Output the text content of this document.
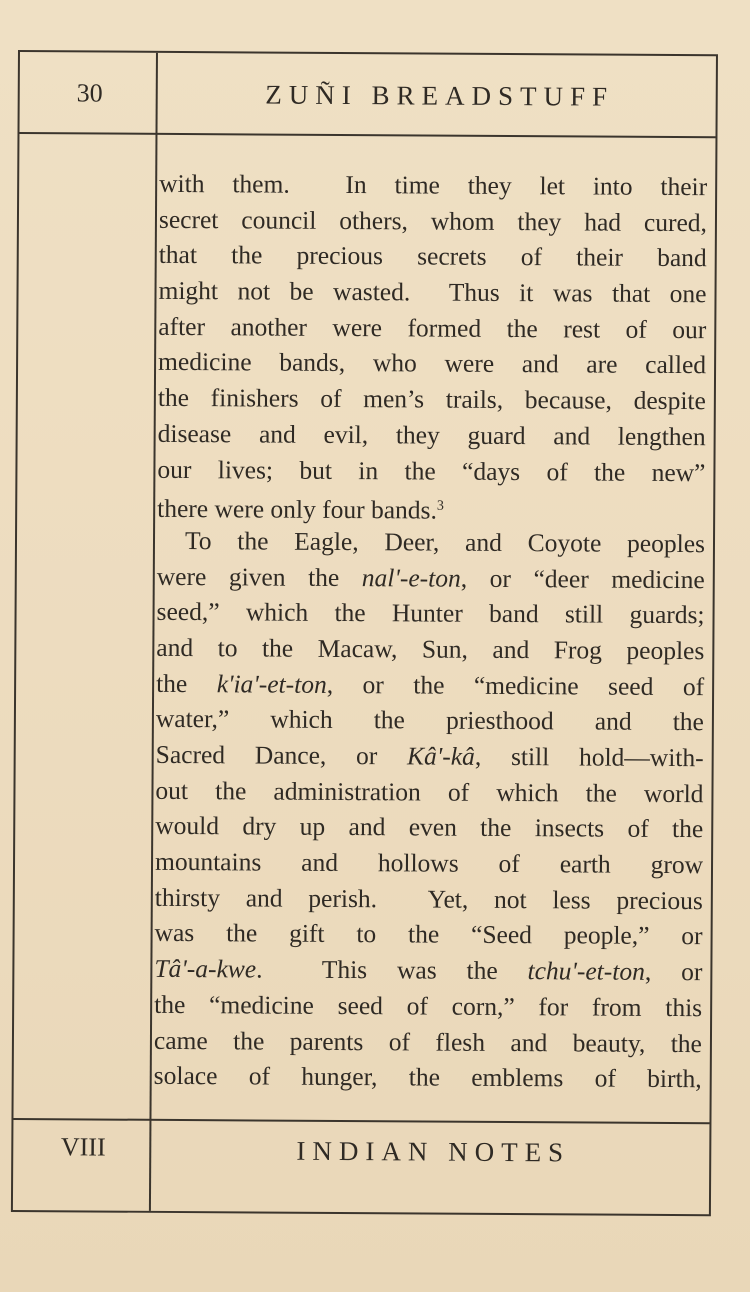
30	ZUÑI BREADSTUFF
with them.  In time they let into their
secret council others, whom they had cured,
that the precious secrets of their band
might not be wasted.  Thus it was that one
after another were formed the rest of our
medicine bands, who were and are called
the finishers of men’s trails, because, despite
disease and evil, they guard and lengthen
our lives; but in the “days of the new”
there were only four bands.$^3$
To the Eagle, Deer, and Coyote peoples
were given the nal'-e-ton, or “deer medicine
seed,” which the Hunter band still guards;
and to the Macaw, Sun, and Frog peoples
the k'ia'-et-ton, or the “medicine seed of
water,” which the priesthood and the
Sacred Dance, or Kâ'-kâ, still hold—with-
out the administration of which the world
would dry up and even the insects of the
mountains and hollows of earth grow
thirsty and perish.  Yet, not less precious
was the gift to the “Seed people,” or
Tâ'-a-kwe.  This was the tchu'-et-ton, or
the “medicine seed of corn,” for from this
came the parents of flesh and beauty, the
solace of hunger, the emblems of birth,
VIII	INDIAN NOTES
